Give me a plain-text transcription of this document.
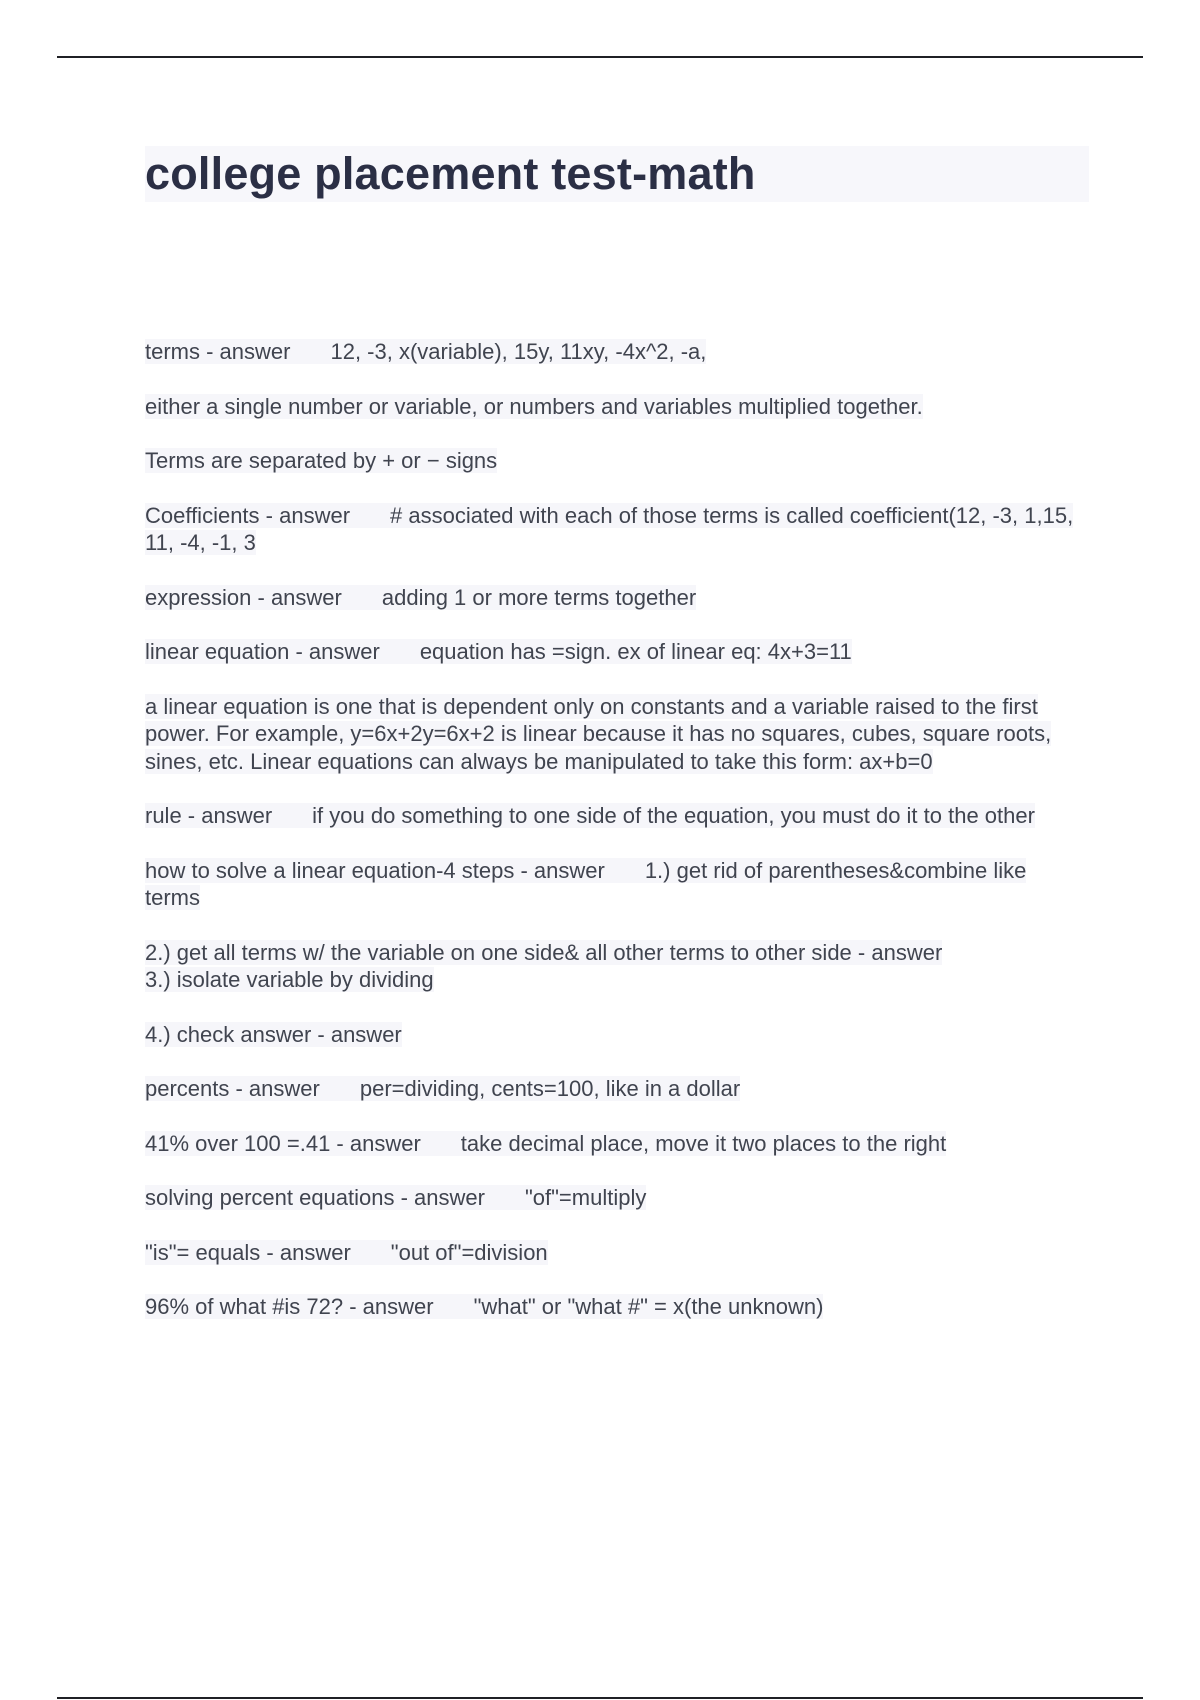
college placement test-math

terms - answer 12, -3, x(variable), 15y, 11xy, -4x^2, -a,

either a single number or variable, or numbers and variables multiplied together.

Terms are separated by + or − signs

Coefficients - answer # associated with each of those terms is called coefficient(12, -3, 1,15, 11, -4, -1, 3

expression - answer adding 1 or more terms together

linear equation - answer equation has =sign. ex of linear eq: 4x+3=11

a linear equation is one that is dependent only on constants and a variable raised to the first power. For example, y=6x+2y=6x+2 is linear because it has no squares, cubes, square roots, sines, etc. Linear equations can always be manipulated to take this form: ax+b=0

rule - answer if you do something to one side of the equation, you must do it to the other

how to solve a linear equation-4 steps - answer 1.) get rid of parentheses&combine like terms

2.) get all terms w/ the variable on one side& all other terms to other side - answer
3.) isolate variable by dividing

4.) check answer - answer

percents - answer per=dividing, cents=100, like in a dollar

41% over 100 =.41 - answer take decimal place, move it two places to the right

solving percent equations - answer "of"=multiply

"is"= equals - answer "out of"=division

96% of what #is 72? - answer "what" or "what #" = x(the unknown)
